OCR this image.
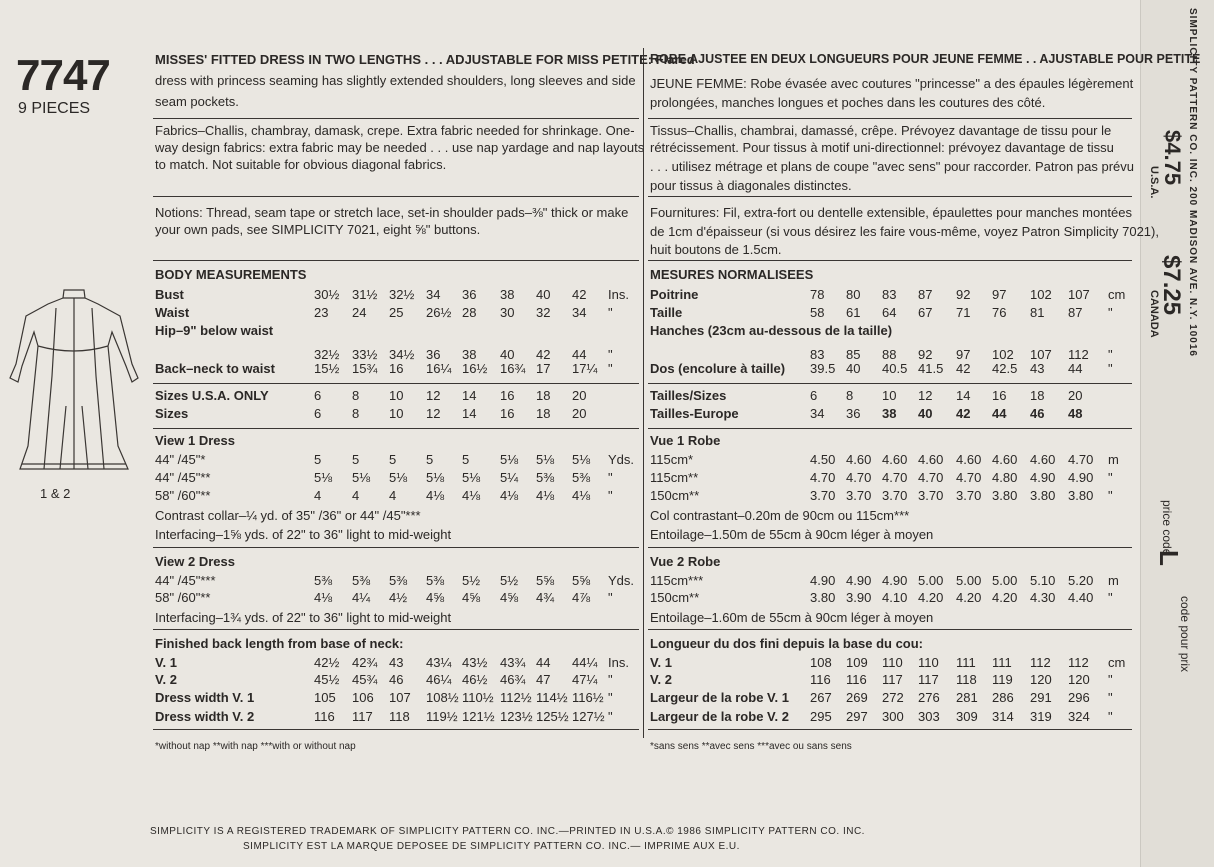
7747
9 PIECES
1 & 2
MISSES' FITTED DRESS IN TWO LENGTHS . . . ADJUSTABLE FOR MISS PETITE: Flared
dress with princess seaming has slightly extended shoulders, long sleeves and side
seam pockets.
Fabrics–Challis, chambray, damask, crepe. Extra fabric needed for shrinkage. One-
way design fabrics: extra fabric may be needed . . . use nap yardage and nap layouts
to match. Not suitable for obvious diagonal fabrics.
Notions: Thread, seam tape or stretch lace, set-in shoulder pads–⅜" thick or make
your own pads, see SIMPLICITY 7021, eight ⅝" buttons.
ROBE AJUSTEE EN DEUX LONGUEURS POUR JEUNE FEMME . . AJUSTABLE POUR PETITE
JEUNE FEMME: Robe évasée avec coutures "princesse" a des épaules légèrement
prolongées, manches longues et poches dans les coutures des côté.
Tissus–Challis, chambrai, damassé, crêpe. Prévoyez davantage de tissu pour le
rétrécissement. Pour tissus à motif uni-directionnel: prévoyez davantage de tissu
. . . utilisez métrage et plans de coupe "avec sens" pour raccorder. Patron pas prévu
pour tissus à diagonales distinctes.
Fournitures: Fil, extra-fort ou dentelle extensible, épaulettes pour manches montées
de 1cm d'épaisseur (si vous désirez les faire vous-même, voyez Patron Simplicity 7021),
huit boutons de 1.5cm.
BODY MEASUREMENTS
Bust	30½ 31½ 32½ 34 36 38 40 42 Ins.
Waist	23 24 25 26½ 28 30 32 34 "
Hip–9" below waist
32½ 33½ 34½ 36 38 40 42 44 "
Back–neck to waist	15½ 15¾ 16 16¼ 16½ 16¾ 17 17¼ "
Sizes U.S.A. ONLY	6 8 10 12 14 16 18 20
Sizes	6 8 10 12 14 16 18 20
View 1 Dress
44" /45"*	5 5 5 5 5 5⅛ 5⅛ 5⅛ Yds.
44" /45"**	5⅛ 5⅛ 5⅛ 5⅛ 5⅛ 5¼ 5⅜ 5⅜ "
58" /60"**	4 4 4 4⅛ 4⅛ 4⅛ 4⅛ 4⅛ "
Contrast collar–¼ yd. of 35" /36" or 44" /45"***
Interfacing–1⅝ yds. of 22" to 36" light to mid-weight
View 2 Dress
44" /45"***	5⅜ 5⅜ 5⅜ 5⅜ 5½ 5½ 5⅝ 5⅝ Yds.
58" /60"**	4⅛ 4¼ 4½ 4⅝ 4⅝ 4⅝ 4¾ 4⅞ "
Interfacing–1¾ yds. of 22" to 36" light to mid-weight
Finished back length from base of neck:
V. 1	42½ 42¾ 43 43¼ 43½ 43¾ 44 44¼ Ins.
V. 2	45½ 45¾ 46 46¼ 46½ 46¾ 47 47¼ "
Dress width V. 1	105 106 107 108½ 110½ 112½ 114½ 116½ "
Dress width V. 2	116 117 118 119½ 121½ 123½ 125½ 127½ "
MESURES NORMALISEES
Poitrine	78 80 83 87 92 97 102 107 cm
Taille	58 61 64 67 71 76 81 87 "
Hanches (23cm au-dessous de la taille)
83 85 88 92 97 102 107 112 "
Dos (encolure à taille) 39.5 40 40.5 41.5 42 42.5 43 44 "
Tailles/Sizes	6 8 10 12 14 16 18 20
Tailles-Europe	34 36 38 40 42 44 46 48
Vue 1 Robe
115cm*	4.50 4.60 4.60 4.60 4.60 4.60 4.60 4.70 m
115cm**	4.70 4.70 4.70 4.70 4.70 4.80 4.90 4.90 "
150cm**	3.70 3.70 3.70 3.70 3.70 3.80 3.80 3.80 "
Col contrastant–0.20m de 90cm ou 115cm***
Entoilage–1.50m de 55cm à 90cm léger à moyen
Vue 2 Robe
115cm***	4.90 4.90 4.90 5.00 5.00 5.00 5.10 5.20 m
150cm**	3.80 3.90 4.10 4.20 4.20 4.20 4.30 4.40 "
Entoilage–1.60m de 55cm à 90cm léger à moyen
Longueur du dos fini depuis la base du cou:
V. 1	108 109 110 110 111 111 112 112 cm
V. 2	116 116 117 117 118 119 120 120 "
Largeur de la robe V. 1 267 269 272 276 281 286 291 296 "
Largeur de la robe V. 2 295 297 300 303 309 314 319 324 "
*without nap **with nap ***with or without nap	*sans sens **avec sens ***avec ou sans sens
SIMPLICITY PATTERN CO. INC. 200 MADISON AVE. N.Y. 10016
$4.75
U.S.A.
$7.25
CANADA
price code
L
code pour prix
SIMPLICITY IS A REGISTERED TRADEMARK OF SIMPLICITY PATTERN CO. INC.—PRINTED IN U.S.A.© 1986 SIMPLICITY PATTERN CO. INC.
SIMPLICITY EST LA MARQUE DEPOSEE DE SIMPLICITY PATTERN CO. INC.— IMPRIME AUX E.U.
